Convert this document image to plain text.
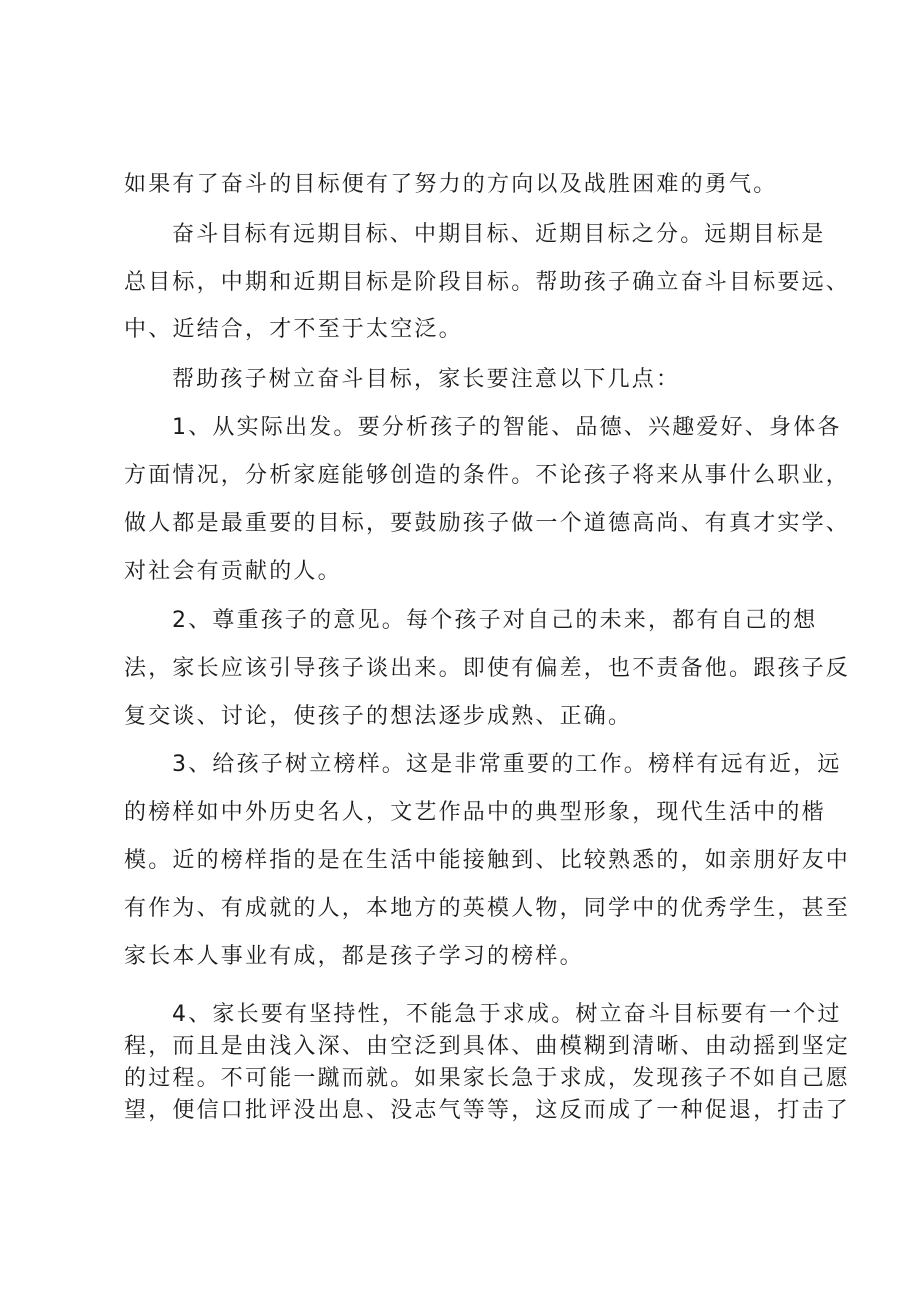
如果有了奋斗的目标便有了努力的方向以及战胜困难的勇气。

奋斗目标有远期目标、中期目标、近期目标之分。远期目标是

总目标，中期和近期目标是阶段目标。帮助孩子确立奋斗目标要远、

中、近结合，才不至于太空泛。

帮助孩子树立奋斗目标，家长要注意以下几点：

1、从实际出发。要分析孩子的智能、品德、兴趣爱好、身体各

方面情况，分析家庭能够创造的条件。不论孩子将来从事什么职业，

做人都是最重要的目标，要鼓励孩子做一个道德高尚、有真才实学、

对社会有贡献的人。

2、尊重孩子的意见。每个孩子对自己的未来，都有自己的想

法，家长应该引导孩子谈出来。即使有偏差，也不责备他。跟孩子反

复交谈、讨论，使孩子的想法逐步成熟、正确。

3、给孩子树立榜样。这是非常重要的工作。榜样有远有近，远

的榜样如中外历史名人，文艺作品中的典型形象，现代生活中的楷

模。近的榜样指的是在生活中能接触到、比较熟悉的，如亲朋好友中

有作为、有成就的人，本地方的英模人物，同学中的优秀学生，甚至

家长本人事业有成，都是孩子学习的榜样。

4、家长要有坚持性，不能急于求成。树立奋斗目标要有一个过

程，而且是由浅入深、由空泛到具体、曲模糊到清晰、由动摇到坚定

的过程。不可能一蹴而就。如果家长急于求成，发现孩子不如自己愿

望，便信口批评没出息、没志气等等，这反而成了一种促退，打击了
